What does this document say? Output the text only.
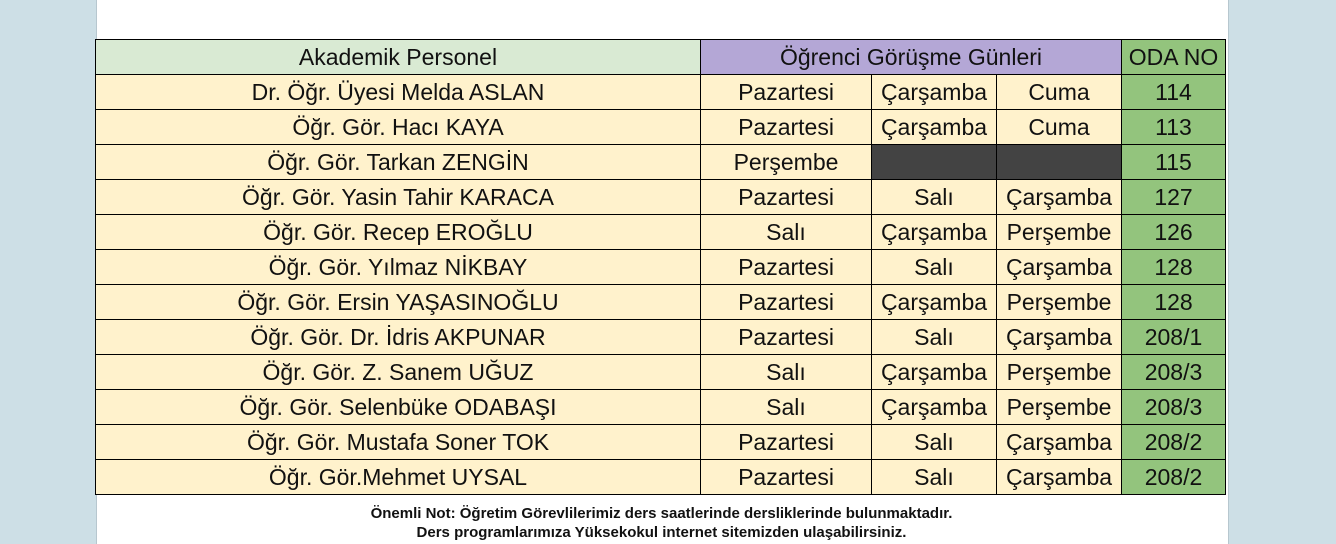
Akademik Personel	Öğrenci Görüşme Günleri			ODA NO
Dr. Öğr. Üyesi Melda ASLAN	Pazartesi	Çarşamba	Cuma	114
Öğr. Gör. Hacı KAYA	Pazartesi	Çarşamba	Cuma	113
Öğr. Gör. Tarkan ZENGİN	Perşembe			115
Öğr. Gör. Yasin Tahir KARACA	Pazartesi	Salı	Çarşamba	127
Öğr. Gör. Recep EROĞLU	Salı	Çarşamba	Perşembe	126
Öğr. Gör. Yılmaz NİKBAY	Pazartesi	Salı	Çarşamba	128
Öğr. Gör. Ersin YAŞASINOĞLU	Pazartesi	Çarşamba	Perşembe	128
Öğr. Gör. Dr. İdris AKPUNAR	Pazartesi	Salı	Çarşamba	208/1
Öğr. Gör. Z. Sanem UĞUZ	Salı	Çarşamba	Perşembe	208/3
Öğr. Gör. Selenbüke ODABAŞI	Salı	Çarşamba	Perşembe	208/3
Öğr. Gör. Mustafa Soner TOK	Pazartesi	Salı	Çarşamba	208/2
Öğr. Gör.Mehmet UYSAL	Pazartesi	Salı	Çarşamba	208/2
Önemli Not: Öğretim Görevlilerimiz ders saatlerinde dersliklerinde bulunmaktadır.
Ders programlarımıza Yüksekokul internet sitemizden ulaşabilirsiniz.
